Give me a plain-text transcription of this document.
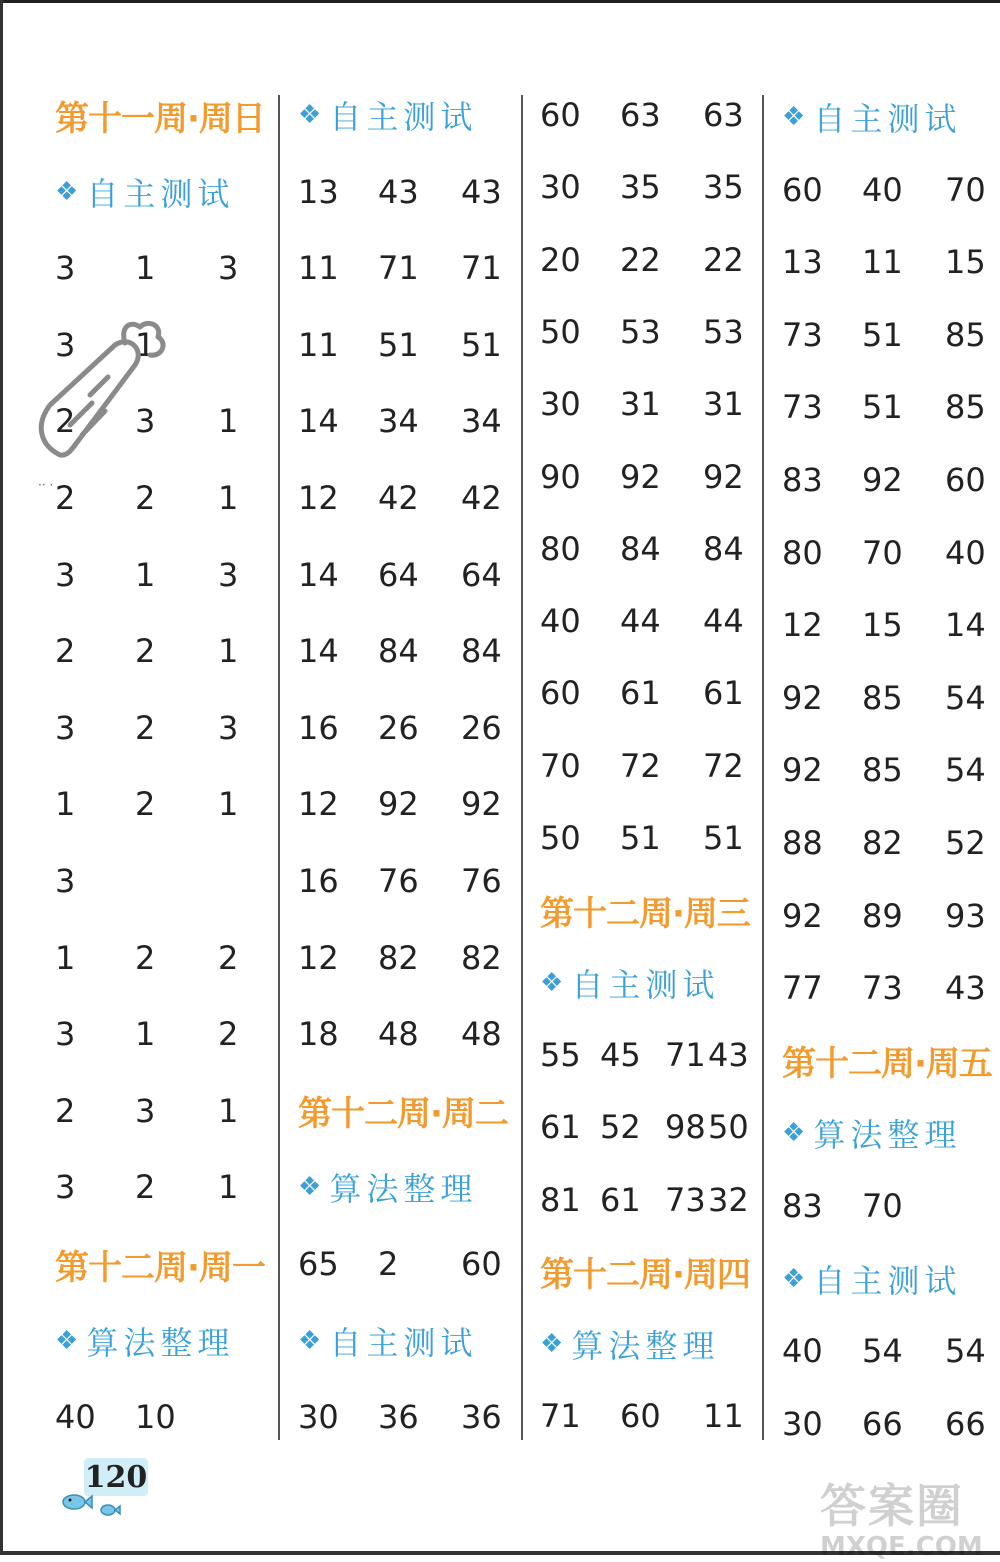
第十一周·周日
❖ 自主测试
3 1 3
3 1
2 3 1
2 2 1
3 1 3
2 2 1
3 2 3
1 2 1
3
1 2 2
3 1 2
2 3 1
3 2 1
第十二周·周一
❖ 算法整理
40 10
❖ 自主测试
13 43 43
11 71 71
11 51 51
14 34 34
12 42 42
14 64 64
14 84 84
16 26 26
12 92 92
16 76 76
12 82 82
18 48 48
第十二周·周二
❖ 算法整理
65 2 60
❖ 自主测试
30 36 36
60 63 63
30 35 35
20 22 22
50 53 53
30 31 31
90 92 92
80 84 84
40 44 44
60 61 61
70 72 72
50 51 51
第十二周·周三
❖ 自主测试
55 45 71 43
61 52 98 50
81 61 73 32
第十二周·周四
❖ 算法整理
71 60 11
❖ 自主测试
60 40 70
13 11 15
73 51 85
73 51 85
83 92 60
80 70 40
12 15 14
92 85 54
92 85 54
88 82 52
92 89 93
77 73 43
第十二周·周五
❖ 算法整理
83 70
❖ 自主测试
40 54 54
30 66 66
·· ·
120
答案圈
MXQE.COM
